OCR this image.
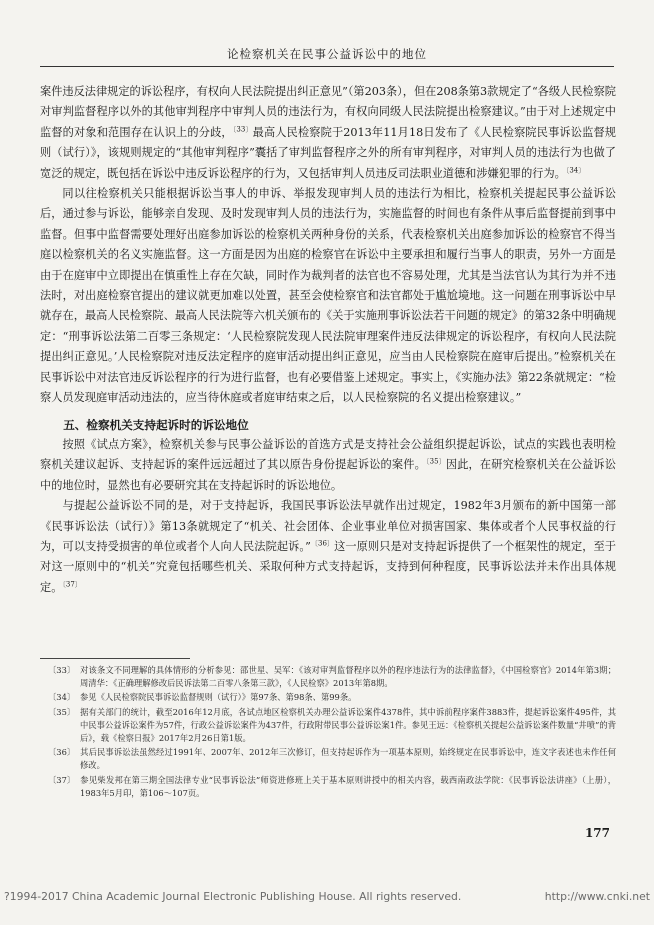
论检察机关在民事公益诉讼中的地位

案件违反法律规定的诉讼程序，有权向人民法院提出纠正意见”（第203条），但在208条第3款规定了“各级人民检察院对审判监督程序以外的其他审判程序中审判人员的违法行为，有权向同级人民法院提出检察建议。”由于对上述规定中监督的对象和范围存在认识上的分歧，$^{〔33〕}$最高人民检察院于2013年11月18日发布了《人民检察院民事诉讼监督规则（试行）》，该规则规定的“其他审判程序”囊括了审判监督程序之外的所有审判程序，对审判人员的违法行为也做了宽泛的规定，既包括在诉讼中违反诉讼程序的行为，又包括审判人员违反司法职业道德和涉嫌犯罪的行为。$^{〔34〕}$

同以往检察机关只能根据诉讼当事人的申诉、举报发现审判人员的违法行为相比，检察机关提起民事公益诉讼后，通过参与诉讼，能够亲自发现、及时发现审判人员的违法行为，实施监督的时间也有条件从事后监督提前到事中监督。但事中监督需要处理好出庭参加诉讼的检察机关两种身份的关系，代表检察机关出庭参加诉讼的检察官不得当庭以检察机关的名义实施监督。这一方面是因为出庭的检察官在诉讼中主要承担和履行当事人的职责，另外一方面是由于在庭审中立即提出在慎重性上存在欠缺，同时作为裁判者的法官也不容易处理，尤其是当法官认为其行为并不违法时，对出庭检察官提出的建议就更加难以处置，甚至会使检察官和法官都处于尴尬境地。这一问题在刑事诉讼中早就存在，最高人民检察院、最高人民法院等六机关颁布的《关于实施刑事诉讼法若干问题的规定》的第32条中明确规定：“刑事诉讼法第二百零三条规定：‘人民检察院发现人民法院审理案件违反法律规定的诉讼程序，有权向人民法院提出纠正意见。’人民检察院对违反法定程序的庭审活动提出纠正意见，应当由人民检察院在庭审后提出。”检察机关在民事诉讼中对法官违反诉讼程序的行为进行监督，也有必要借鉴上述规定。事实上，《实施办法》第22条就规定：“检察人员发现庭审活动违法的，应当待休庭或者庭审结束之后，以人民检察院的名义提出检察建议。”

五、检察机关支持起诉时的诉讼地位

按照《试点方案》，检察机关参与民事公益诉讼的首选方式是支持社会公益组织提起诉讼，试点的实践也表明检察机关建议起诉、支持起诉的案件远远超过了其以原告身份提起诉讼的案件。$^{〔35〕}$因此，在研究检察机关在公益诉讼中的地位时，显然也有必要研究其在支持起诉时的诉讼地位。

与提起公益诉讼不同的是，对于支持起诉，我国民事诉讼法早就作出过规定，1982年3月颁布的新中国第一部《民事诉讼法（试行）》第13条就规定了“机关、社会团体、企业事业单位对损害国家、集体或者个人民事权益的行为，可以支持受损害的单位或者个人向人民法院起诉。”$^{〔36〕}$这一原则只是对支持起诉提供了一个框架性的规定，至于对这一原则中的“机关”究竟包括哪些机关、采取何种方式支持起诉，支持到何种程度，民事诉讼法并未作出具体规定。$^{〔37〕}$

〔33〕 对该条文不同理解的具体情形的分析参见：邵世星、吴军：《该对审判监督程序以外的程序违法行为的法律监督》，《中国检察官》2014年第3期；周清华：《正确理解修改后民诉法第二百零八条第三款》，《人民检察》2013年第8期。

〔34〕 参见《人民检察院民事诉讼监督规则（试行）》第97条、第98条、第99条。

〔35〕 据有关部门的统计，截至2016年12月底，各试点地区检察机关办理公益诉讼案件4378件，其中诉前程序案件3883件，提起诉讼案件495件，其中民事公益诉讼案件为57件，行政公益诉讼案件为437件，行政附带民事公益诉讼案1件。参见王远：《检察机关提起公益诉讼案件数量“井喷”的背后》，载《检察日报》2017年2月26日第1版。

〔36〕 其后民事诉讼法虽然经过1991年、2007年、2012年三次修订，但支持起诉作为一项基本原则，始终规定在民事诉讼中，连文字表述也未作任何修改。

〔37〕 参见柴发邦在第三期全国法律专业“民事诉讼法”师资进修班上关于基本原则讲授中的相关内容，载西南政法学院：《民事诉讼法讲座》（上册），1983年5月印，第106～107页。

177
?1994-2017 China Academic Journal Electronic Publishing House. All rights reserved.	http://www.cnki.net
